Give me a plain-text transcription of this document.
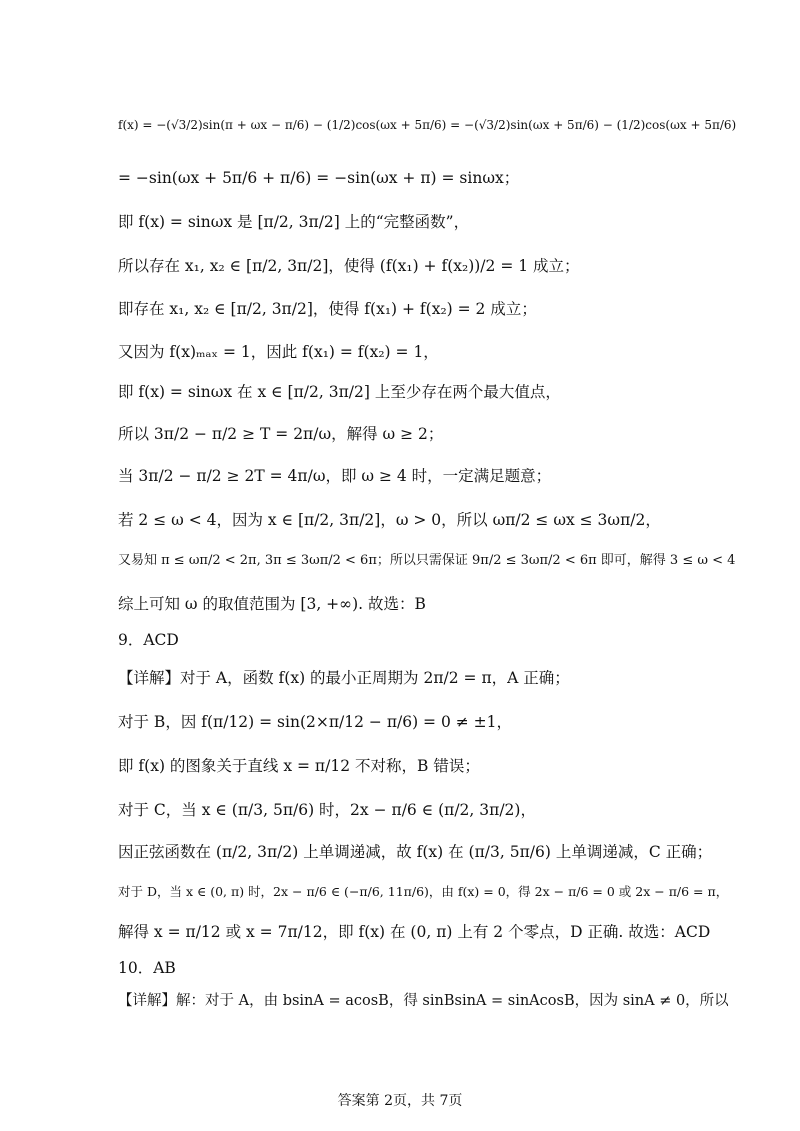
f(x) = −(√3/2)sin(π + ωx − π/6) − (1/2)cos(ωx + 5π/6) = −(√3/2)sin(ωx + 5π/6) − (1/2)cos(ωx + 5π/6)
= −sin(ωx + 5π/6 + π/6) = −sin(ωx + π) = sinωx；
即 f(x) = sinωx 是 [π/2, 3π/2] 上的“完整函数”，
所以存在 x₁, x₂ ∈ [π/2, 3π/2]，使得 (f(x₁) + f(x₂))/2 = 1 成立；
即存在 x₁, x₂ ∈ [π/2, 3π/2]，使得 f(x₁) + f(x₂) = 2 成立；
又因为 f(x)ₘₐₓ = 1，因此 f(x₁) = f(x₂) = 1，
即 f(x) = sinωx 在 x ∈ [π/2, 3π/2] 上至少存在两个最大值点，
所以 3π/2 − π/2 ≥ T = 2π/ω，解得 ω ≥ 2；
当 3π/2 − π/2 ≥ 2T = 4π/ω，即 ω ≥ 4 时，一定满足题意；
若 2 ≤ ω < 4，因为 x ∈ [π/2, 3π/2]，ω > 0，所以 ωπ/2 ≤ ωx ≤ 3ωπ/2，
又易知 π ≤ ωπ/2 < 2π, 3π ≤ 3ωπ/2 < 6π；所以只需保证 9π/2 ≤ 3ωπ/2 < 6π 即可，解得 3 ≤ ω < 4
综上可知 ω 的取值范围为 [3, +∞). 故选：B
9．ACD
【详解】对于 A，函数 f(x) 的最小正周期为 2π/2 = π，A 正确；
对于 B，因 f(π/12) = sin(2×π/12 − π/6) = 0 ≠ ±1，
即 f(x) 的图象关于直线 x = π/12 不对称，B 错误；
对于 C，当 x ∈ (π/3, 5π/6) 时，2x − π/6 ∈ (π/2, 3π/2)，
因正弦函数在 (π/2, 3π/2) 上单调递减，故 f(x) 在 (π/3, 5π/6) 上单调递减，C 正确；
对于 D，当 x ∈ (0, π) 时，2x − π/6 ∈ (−π/6, 11π/6)，由 f(x) = 0，得 2x − π/6 = 0 或 2x − π/6 = π，
解得 x = π/12 或 x = 7π/12，即 f(x) 在 (0, π) 上有 2 个零点，D 正确. 故选：ACD
10．AB
【详解】解：对于 A，由 bsinA = acosB，得 sinBsinA = sinAcosB，因为 sinA ≠ 0，所以
答案第 2页，共 7页
